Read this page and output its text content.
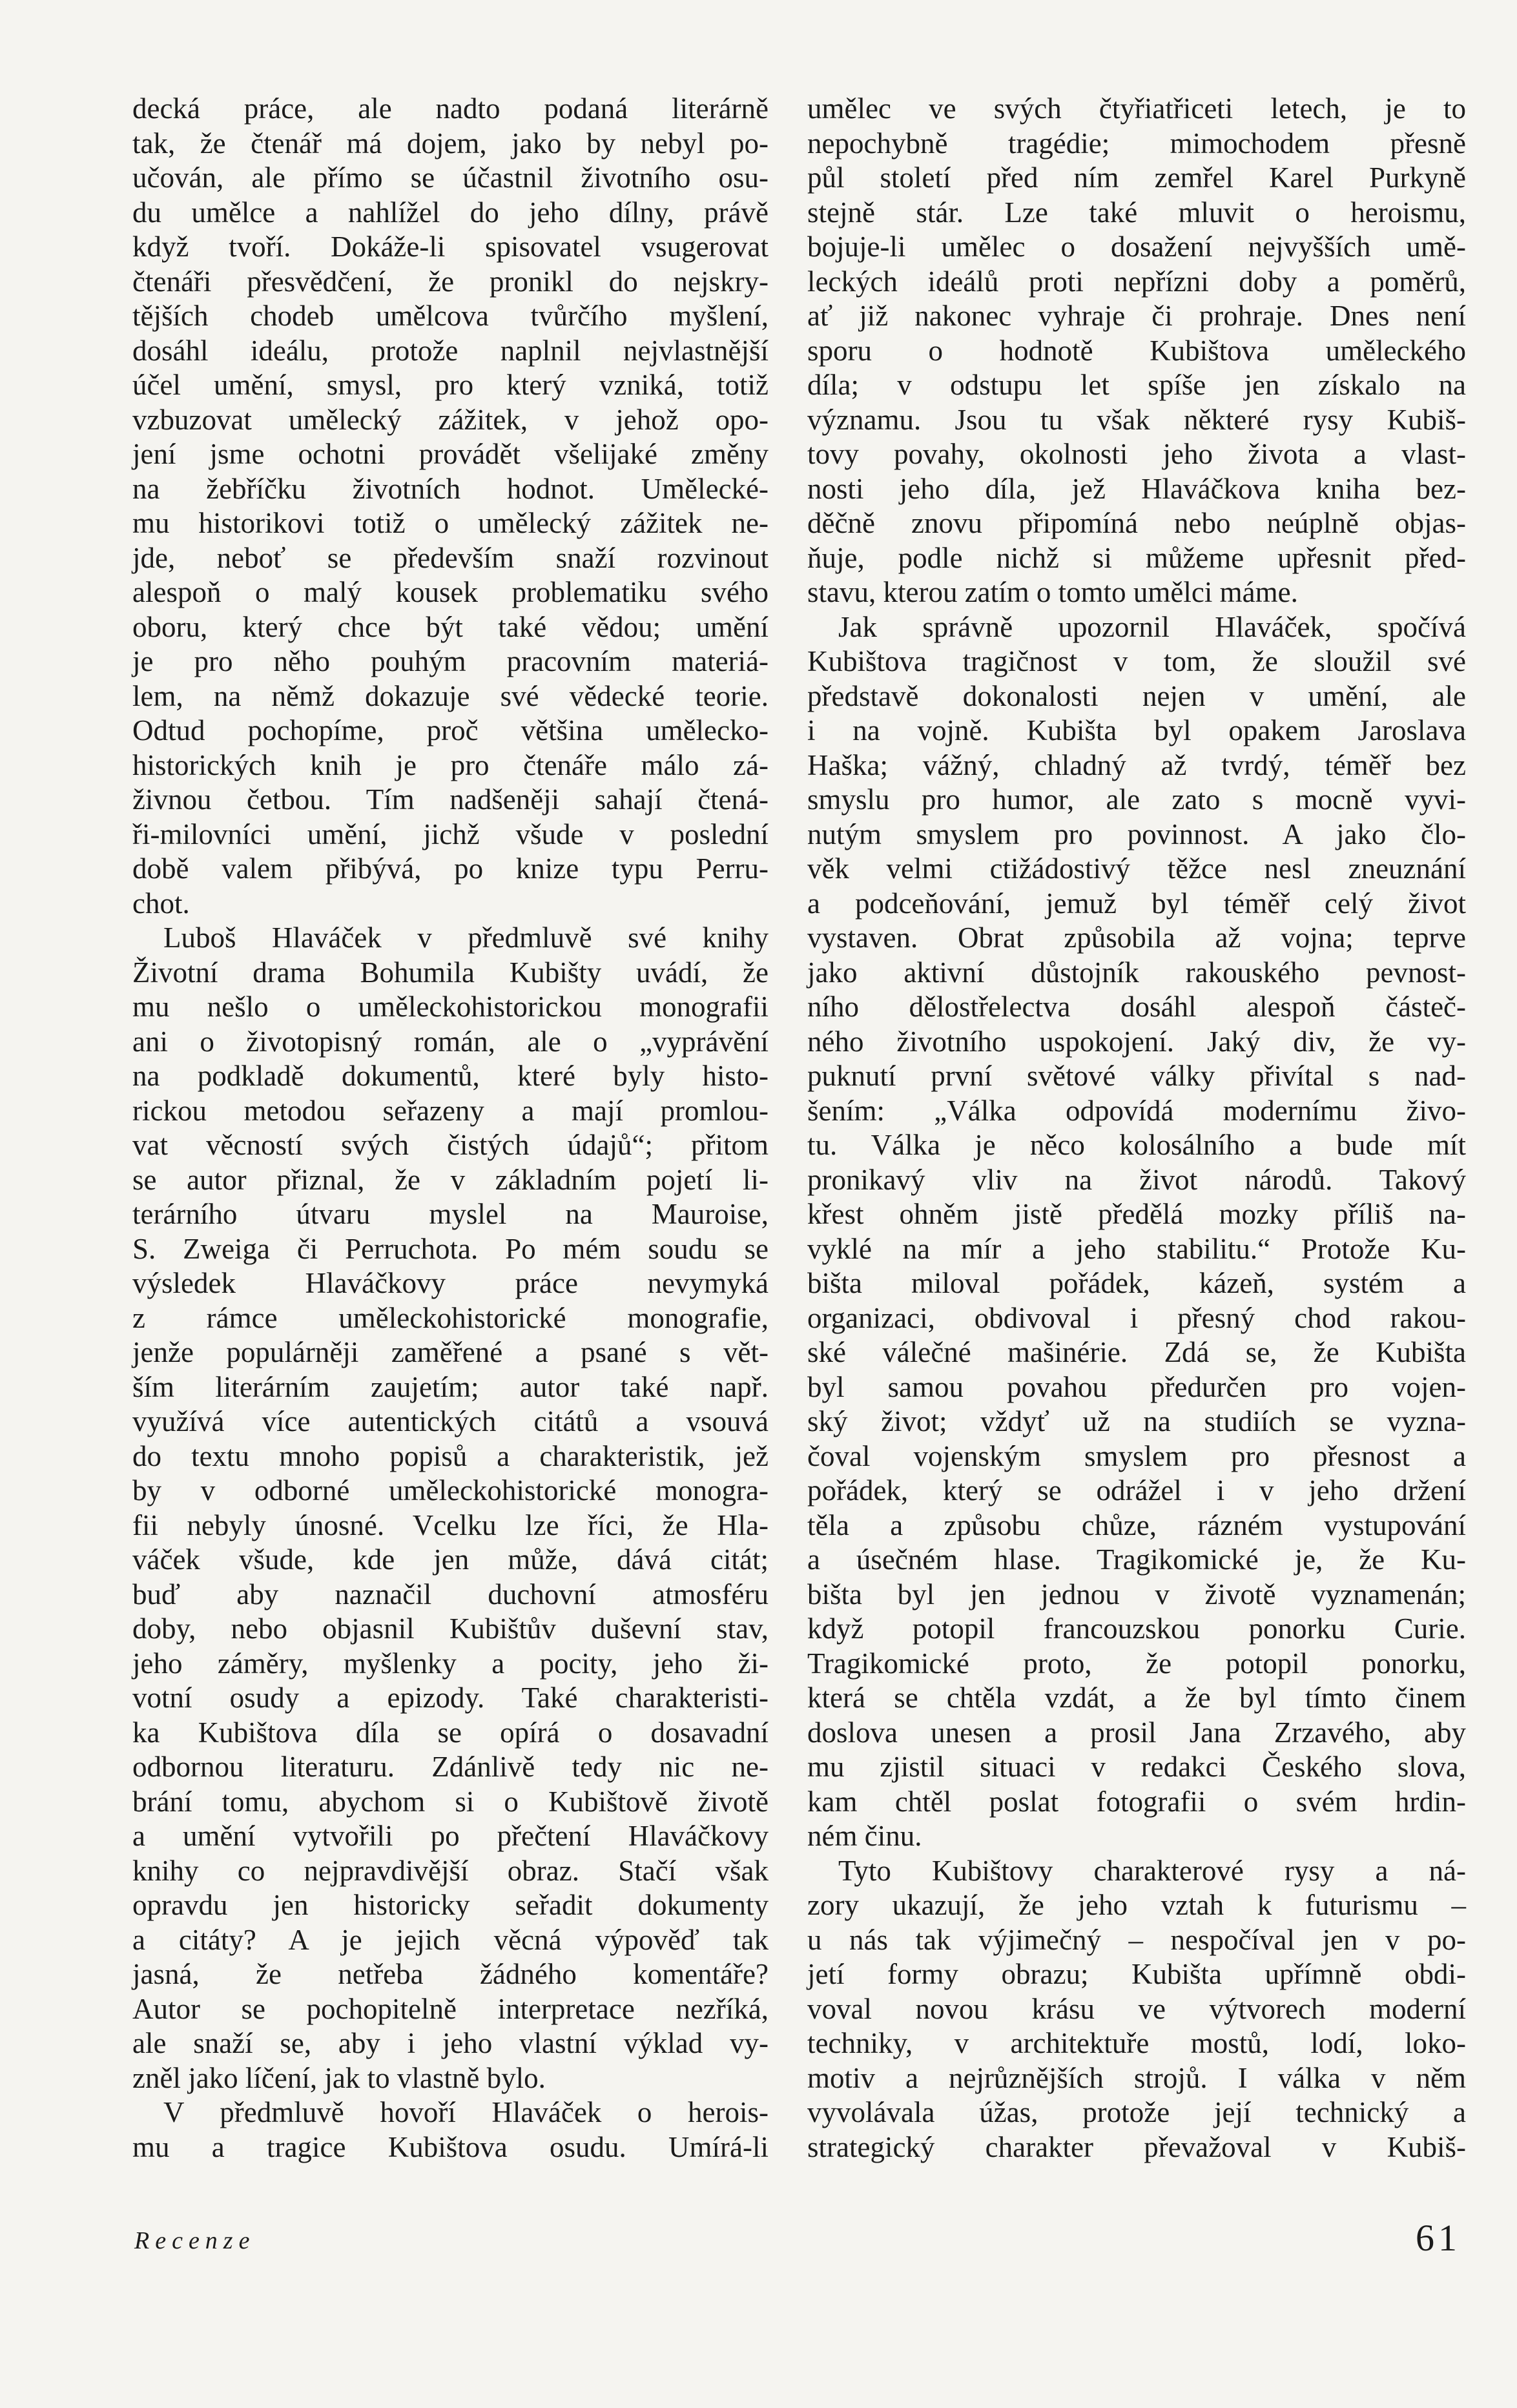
decká práce, ale nadto podaná literárně
tak, že čtenář má dojem, jako by nebyl po-
učován, ale přímo se účastnil životního osu-
du umělce a nahlížel do jeho dílny, právě
když tvoří. Dokáže-li spisovatel vsugerovat
čtenáři přesvědčení, že pronikl do nejskry-
tějších chodeb umělcova tvůrčího myšlení,
dosáhl ideálu, protože naplnil nejvlastnější
účel umění, smysl, pro který vzniká, totiž
vzbuzovat umělecký zážitek, v jehož opo-
jení jsme ochotni provádět všelijaké změny
na žebříčku životních hodnot. Umělecké-
mu historikovi totiž o umělecký zážitek ne-
jde, neboť se především snaží rozvinout
alespoň o malý kousek problematiku svého
oboru, který chce být také vědou; umění
je pro něho pouhým pracovním materiá-
lem, na němž dokazuje své vědecké teorie.
Odtud pochopíme, proč většina umělecko-
historických knih je pro čtenáře málo zá-
živnou četbou. Tím nadšeněji sahají čtená-
ři-milovníci umění, jichž všude v poslední
době valem přibývá, po knize typu Perru-
chot.
Luboš Hlaváček v předmluvě své knihy
Životní drama Bohumila Kubišty uvádí, že
mu nešlo o uměleckohistorickou monografii
ani o životopisný román, ale o „vyprávění
na podkladě dokumentů, které byly histo-
rickou metodou seřazeny a mají promlou-
vat věcností svých čistých údajů“; přitom
se autor přiznal, že v základním pojetí li-
terárního útvaru myslel na Mauroise,
S. Zweiga či Perruchota. Po mém soudu se
výsledek Hlaváčkovy práce nevymyká
z rámce uměleckohistorické monografie,
jenže populárněji zaměřené a psané s vět-
ším literárním zaujetím; autor také např.
využívá více autentických citátů a vsouvá
do textu mnoho popisů a charakteristik, jež
by v odborné uměleckohistorické monogra-
fii nebyly únosné. Vcelku lze říci, že Hla-
váček všude, kde jen může, dává citát;
buď aby naznačil duchovní atmosféru
doby, nebo objasnil Kubištův duševní stav,
jeho záměry, myšlenky a pocity, jeho ži-
votní osudy a epizody. Také charakteristi-
ka Kubištova díla se opírá o dosavadní
odbornou literaturu. Zdánlivě tedy nic ne-
brání tomu, abychom si o Kubištově životě
a umění vytvořili po přečtení Hlaváčkovy
knihy co nejpravdivější obraz. Stačí však
opravdu jen historicky seřadit dokumenty
a citáty? A je jejich věcná výpověď tak
jasná, že netřeba žádného komentáře?
Autor se pochopitelně interpretace nezříká,
ale snaží se, aby i jeho vlastní výklad vy-
zněl jako líčení, jak to vlastně bylo.
V předmluvě hovoří Hlaváček o herois-
mu a tragice Kubištova osudu. Umírá-li
umělec ve svých čtyřiatřiceti letech, je to
nepochybně tragédie; mimochodem přesně
půl století před ním zemřel Karel Purkyně
stejně stár. Lze také mluvit o heroismu,
bojuje-li umělec o dosažení nejvyšších umě-
leckých ideálů proti nepřízni doby a poměrů,
ať již nakonec vyhraje či prohraje. Dnes není
sporu o hodnotě Kubištova uměleckého
díla; v odstupu let spíše jen získalo na
významu. Jsou tu však některé rysy Kubiš-
tovy povahy, okolnosti jeho života a vlast-
nosti jeho díla, jež Hlaváčkova kniha bez-
děčně znovu připomíná nebo neúplně objas-
ňuje, podle nichž si můžeme upřesnit před-
stavu, kterou zatím o tomto umělci máme.
Jak správně upozornil Hlaváček, spočívá
Kubištova tragičnost v tom, že sloužil své
představě dokonalosti nejen v umění, ale
i na vojně. Kubišta byl opakem Jaroslava
Haška; vážný, chladný až tvrdý, téměř bez
smyslu pro humor, ale zato s mocně vyvi-
nutým smyslem pro povinnost. A jako člo-
věk velmi ctižádostivý těžce nesl zneuznání
a podceňování, jemuž byl téměř celý život
vystaven. Obrat způsobila až vojna; teprve
jako aktivní důstojník rakouského pevnost-
ního dělostřelectva dosáhl alespoň částeč-
ného životního uspokojení. Jaký div, že vy-
puknutí první světové války přivítal s nad-
šením: „Válka odpovídá modernímu živo-
tu. Válka je něco kolosálního a bude mít
pronikavý vliv na život národů. Takový
křest ohněm jistě předělá mozky příliš na-
vyklé na mír a jeho stabilitu.“ Protože Ku-
bišta miloval pořádek, kázeň, systém a
organizaci, obdivoval i přesný chod rakou-
ské válečné mašinérie. Zdá se, že Kubišta
byl samou povahou předurčen pro vojen-
ský život; vždyť už na studiích se vyzna-
čoval vojenským smyslem pro přesnost a
pořádek, který se odrážel i v jeho držení
těla a způsobu chůze, rázném vystupování
a úsečném hlase. Tragikomické je, že Ku-
bišta byl jen jednou v životě vyznamenán;
když potopil francouzskou ponorku Curie.
Tragikomické proto, že potopil ponorku,
která se chtěla vzdát, a že byl tímto činem
doslova unesen a prosil Jana Zrzavého, aby
mu zjistil situaci v redakci Českého slova,
kam chtěl poslat fotografii o svém hrdin-
ném činu.
Tyto Kubištovy charakterové rysy a ná-
zory ukazují, že jeho vztah k futurismu –
u nás tak výjimečný – nespočíval jen v po-
jetí formy obrazu; Kubišta upřímně obdi-
voval novou krásu ve výtvorech moderní
techniky, v architektuře mostů, lodí, loko-
motiv a nejrůznějších strojů. I válka v něm
vyvolávala úžas, protože její technický a
strategický charakter převažoval v Kubiš-
Recenze	61
